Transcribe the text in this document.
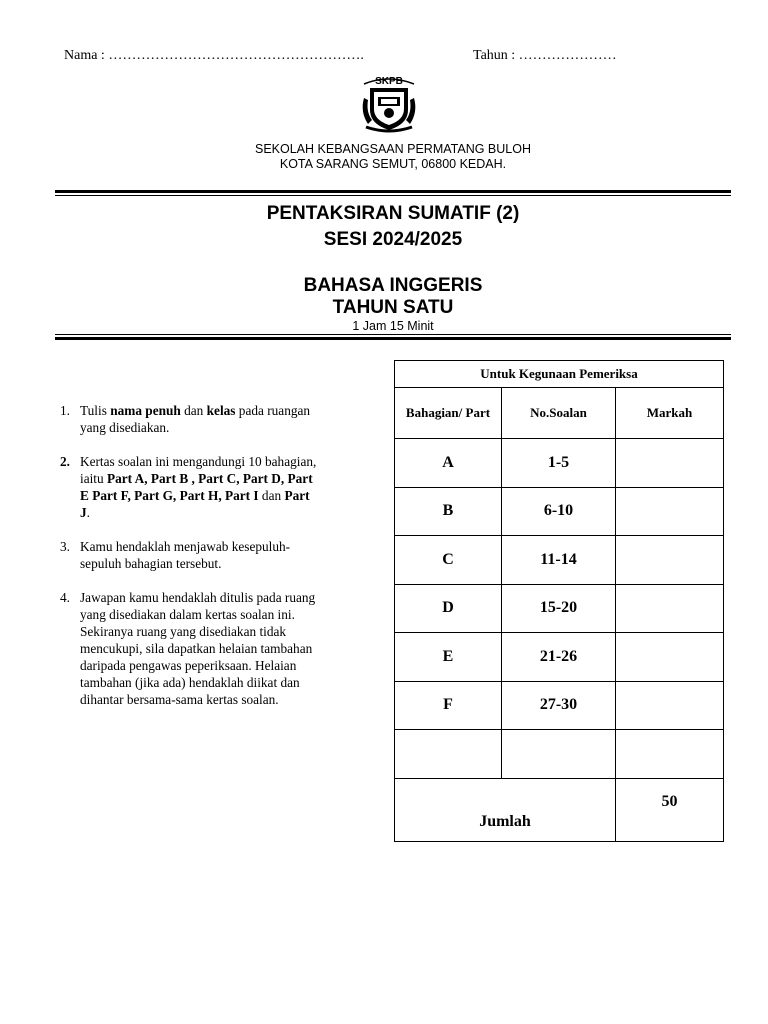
Nama : ……………………………………………….	Tahun : …………………
SKPB
SEKOLAH KEBANGSAAN PERMATANG BULOH
KOTA SARANG SEMUT, 06800 KEDAH.
PENTAKSIRAN SUMATIF (2)
SESI 2024/2025
BAHASA INGGERIS
TAHUN SATU
1 Jam 15 Minit
1. Tulis nama penuh dan kelas pada ruangan yang disediakan.
2. Kertas soalan ini mengandungi 10 bahagian, iaitu Part A, Part B , Part C, Part D, Part E Part F, Part G, Part H, Part I dan Part J.
3. Kamu hendaklah menjawab kesepuluh- sepuluh bahagian tersebut.
4. Jawapan kamu hendaklah ditulis pada ruang yang disediakan dalam kertas soalan ini. Sekiranya ruang yang disediakan tidak mencukupi, sila dapatkan helaian tambahan daripada pengawas peperiksaan. Helaian tambahan (jika ada) hendaklah diikat dan dihantar bersama-sama kertas soalan.
Untuk Kegunaan Pemeriksa		
Bahagian/ Part	No.Soalan	Markah
A	1-5	
B	6-10	
C	11-14	
D	15-20	
E	21-26	
F	27-30	

Jumlah		50
